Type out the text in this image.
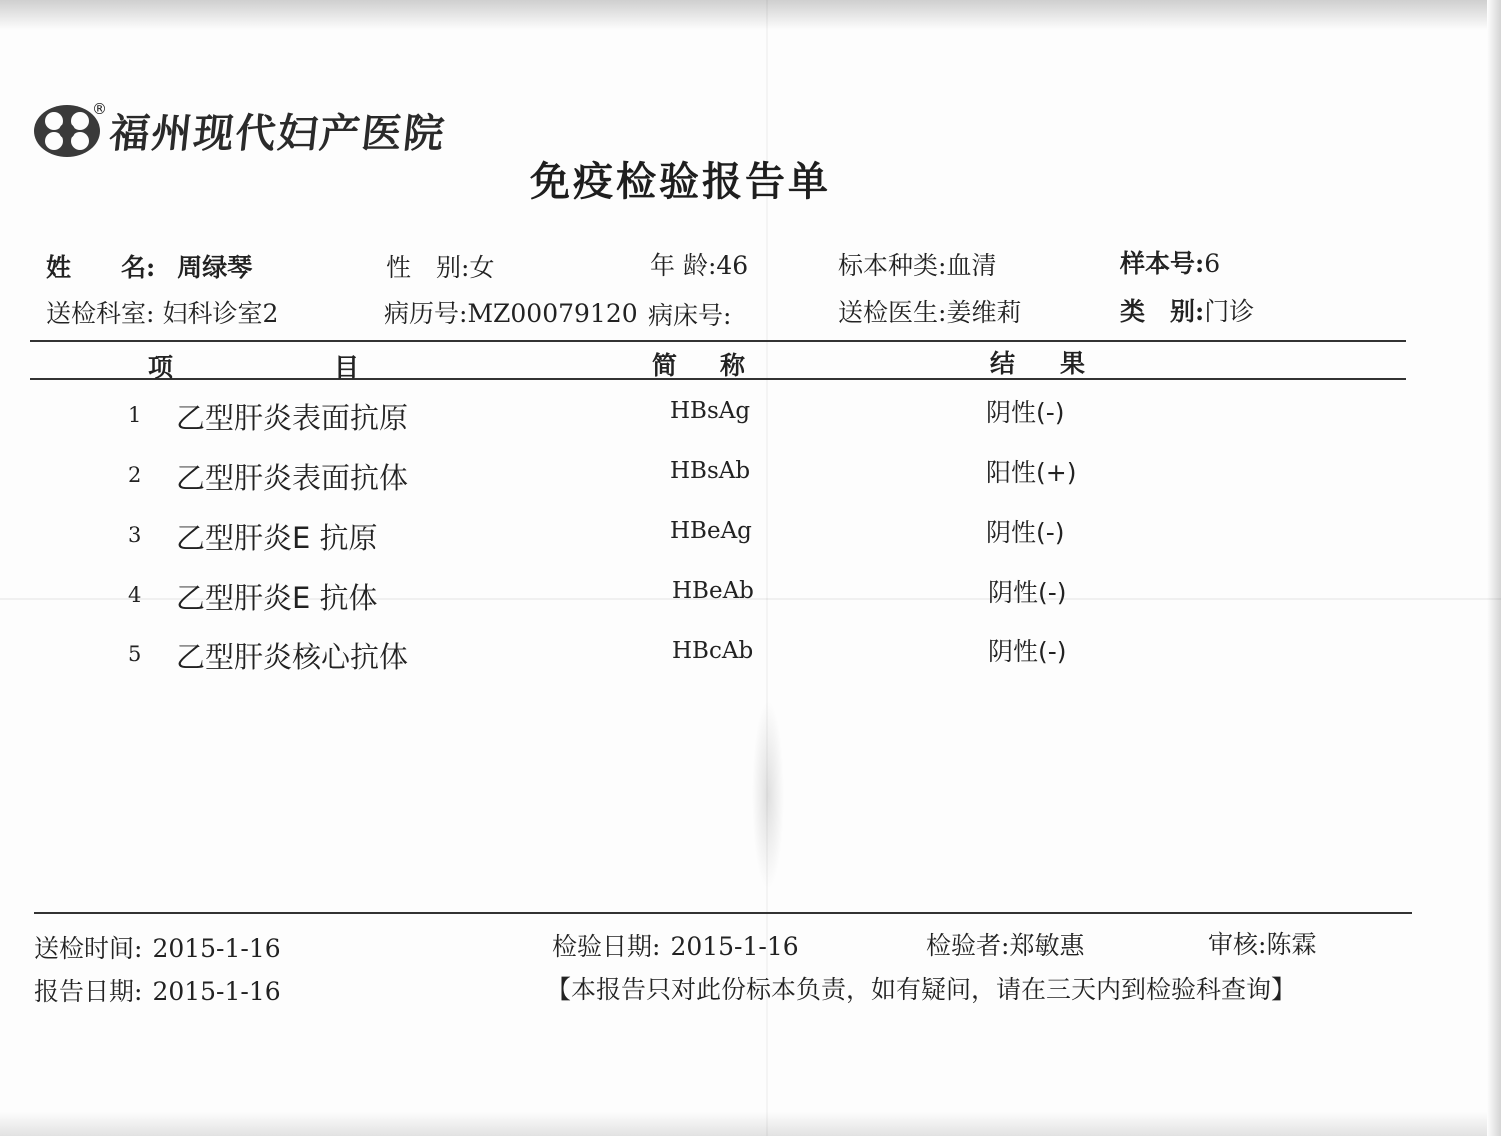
®
福州现代妇产医院
免疫检验报告单
姓　　名: 周绿琴	性　别:女	年 龄:46	标本种类:血清	样本号:6
送检科室: 妇科诊室2	病历号:MZ00079120 病床号:	送检医生:姜维莉	类　别:门诊
项	目	简 称	结 果
1 乙型肝炎表面抗原	HBsAg	阴性(-)
2 乙型肝炎表面抗体	HBsAb	阳性(+)
3 乙型肝炎E 抗原	HBeAg	阴性(-)
4 乙型肝炎E 抗体	HBeAb	阴性(-)
5 乙型肝炎核心抗体	HBcAb	阴性(-)
送检时间: 2015-1-16	检验日期: 2015-1-16	检验者:郑敏惠	审核:陈霖
报告日期: 2015-1-16	【本报告只对此份标本负责，如有疑问，请在三天内到检验科查询】
